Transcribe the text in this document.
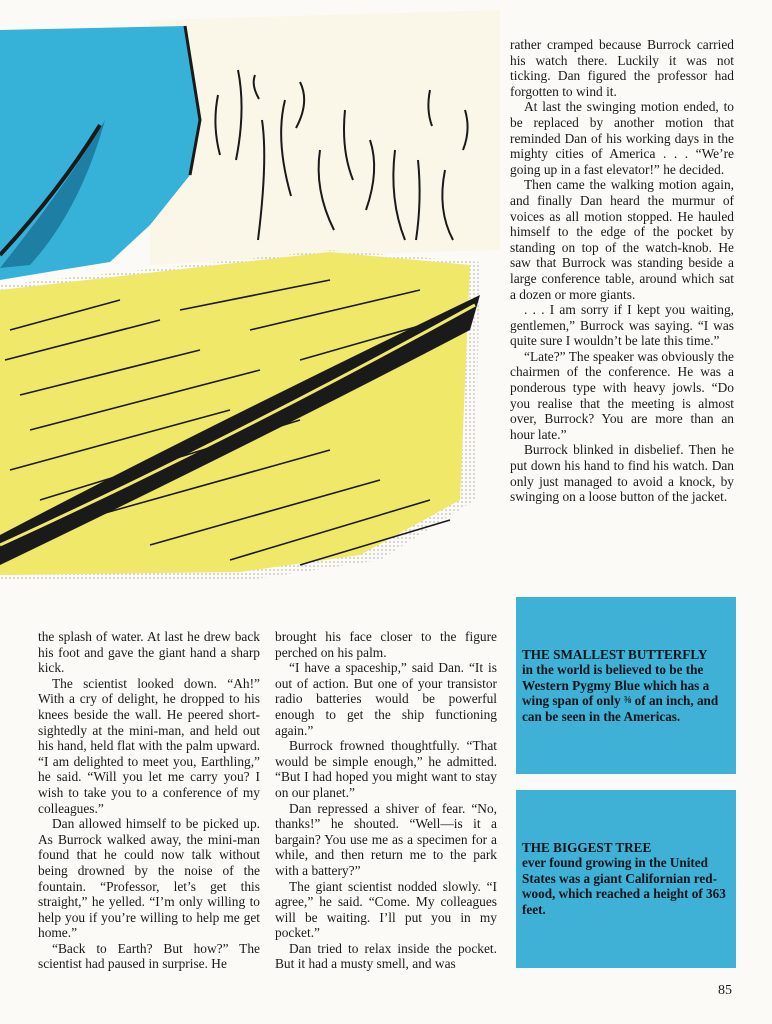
rather cramped because Burrock carried his watch there. Luckily it was not ticking. Dan figured the professor had forgotten to wind it.

At last the swinging motion ended, to be replaced by another motion that reminded Dan of his working days in the mighty cities of America . . . “We’re going up in a fast elevator!” he decided.

Then came the walking motion again, and finally Dan heard the murmur of voices as all motion stopped. He hauled himself to the edge of the pocket by standing on top of the watch-knob. He saw that Burrock was standing beside a large conference table, around which sat a dozen or more giants.

. . . I am sorry if I kept you waiting, gentlemen,” Burrock was saying. “I was quite sure I wouldn’t be late this time.”

“Late?” The speaker was obviously the chairmen of the conference. He was a ponderous type with heavy jowls. “Do you realise that the meeting is almost over, Burrock? You are more than an hour late.”

Burrock blinked in disbelief. Then he put down his hand to find his watch. Dan only just managed to avoid a knock, by swinging on a loose button of the jacket.

the splash of water. At last he drew back his foot and gave the giant hand a sharp kick.

The scientist looked down. “Ah!” With a cry of delight, he dropped to his knees beside the wall. He peered short-sightedly at the mini-man, and held out his hand, held flat with the palm upward. “I am delighted to meet you, Earthling,” he said. “Will you let me carry you? I wish to take you to a conference of my colleagues.”

Dan allowed himself to be picked up. As Burrock walked away, the mini-man found that he could now talk without being drowned by the noise of the fountain. “Professor, let’s get this straight,” he yelled. “I’m only willing to help you if you’re willing to help me get home.”

“Back to Earth? But how?” The scientist had paused in surprise. He

brought his face closer to the figure perched on his palm.

“I have a spaceship,” said Dan. “It is out of action. But one of your transistor radio batteries would be powerful enough to get the ship functioning again.”

Burrock frowned thoughtfully. “That would be simple enough,” he admitted. “But I had hoped you might want to stay on our planet.”

Dan repressed a shiver of fear. “No, thanks!” he shouted. “Well—is it a bargain? You use me as a specimen for a while, and then return me to the park with a battery?”

The giant scientist nodded slowly. “I agree,” he said. “Come. My colleagues will be waiting. I’ll put you in my pocket.”

Dan tried to relax inside the pocket. But it had a musty smell, and was

THE SMALLEST BUTTERFLY
in the world is believed to be the Western Pygmy Blue which has a wing span of only ⅜ of an inch, and can be seen in the Americas.
THE BIGGEST TREE
ever found growing in the United States was a giant Californian red-wood, which reached a height of 363 feet.
85
